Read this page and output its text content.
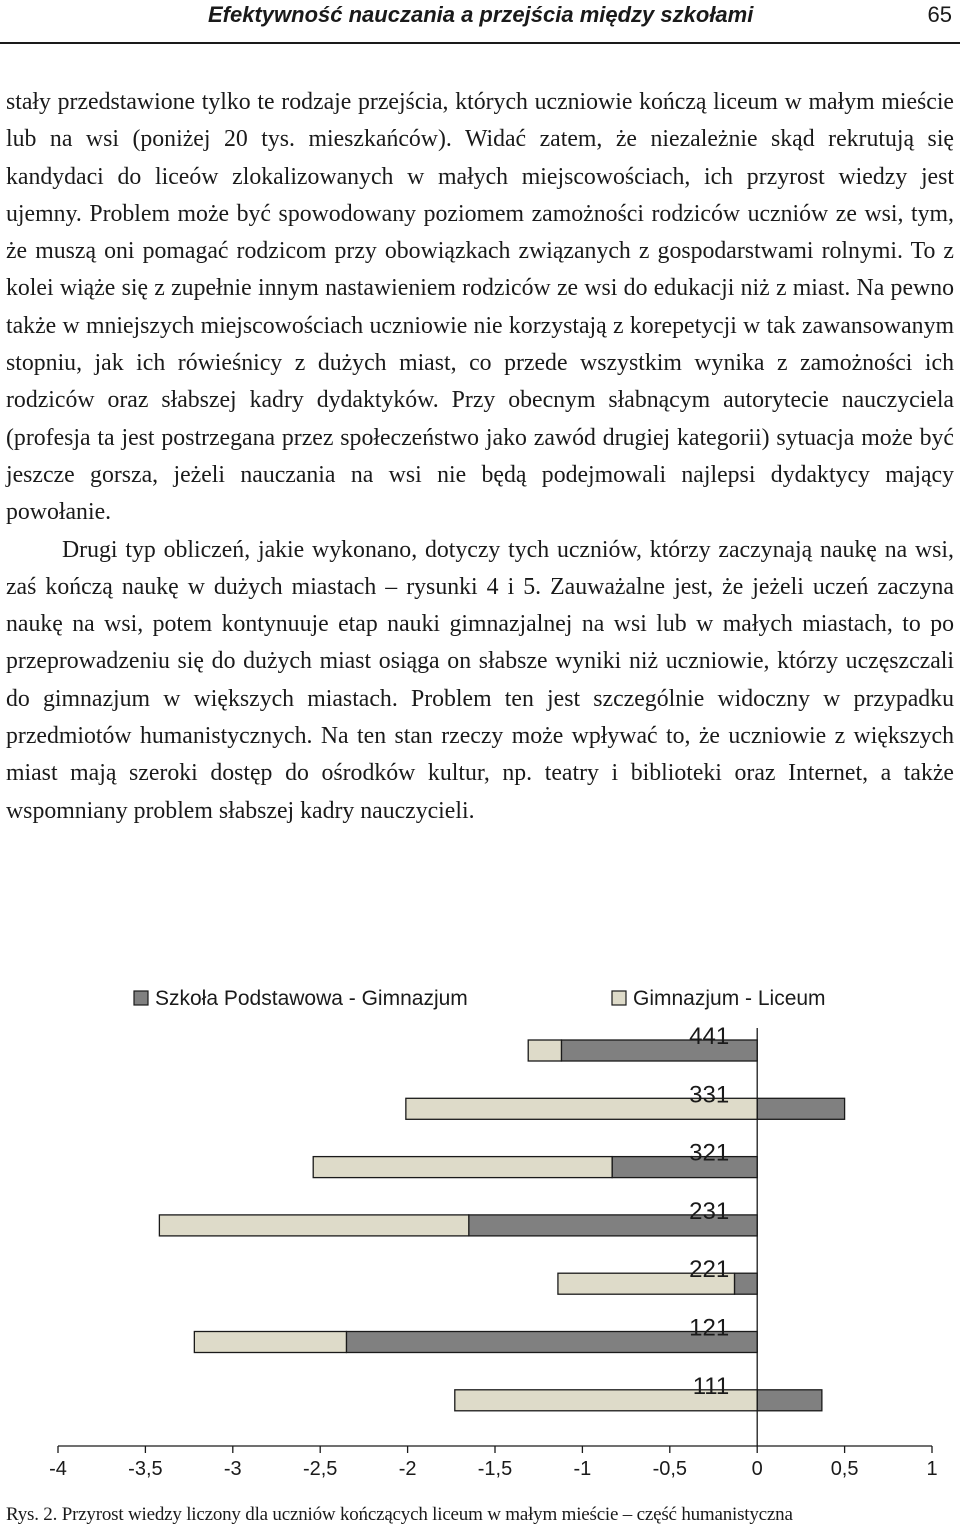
Efektywność nauczania a przejścia między szkołami	65

stały przedstawione tylko te rodzaje przejścia, których uczniowie kończą liceum w małym mieście lub na wsi (poniżej 20 tys. mieszkańców). Widać zatem, że niezależnie skąd rekrutują się kandydaci do liceów zlokalizowanych w małych miejscowościach, ich przyrost wiedzy jest ujemny. Problem może być spowodowany poziomem zamożności rodziców uczniów ze wsi, tym, że muszą oni pomagać rodzicom przy obowiązkach związanych z gospodarstwami rolnymi. To z kolei wiąże się z zupełnie innym nastawieniem rodziców ze wsi do edukacji niż z miast. Na pewno także w mniejszych miejscowościach uczniowie nie korzystają z korepetycji w tak zawansowanym stopniu, jak ich rówieśnicy z dużych miast, co przede wszystkim wynika z zamożności ich rodziców oraz słabszej kadry dydaktyków. Przy obecnym słabnącym autorytecie nauczyciela (profesja ta jest postrzegana przez społeczeństwo jako zawód drugiej kategorii) sytuacja może być jeszcze gorsza, jeżeli nauczania na wsi nie będą podejmowali najlepsi dydaktycy mający powołanie.

Drugi typ obliczeń, jakie wykonano, dotyczy tych uczniów, którzy zaczynają naukę na wsi, zaś kończą naukę w dużych miastach – rysunki 4 i 5. Zauważalne jest, że jeżeli uczeń zaczyna naukę na wsi, potem kontynuuje etap nauki gimnazjalnej na wsi lub w małych miastach, to po przeprowadzeniu się do dużych miast osiąga on słabsze wyniki niż uczniowie, którzy uczęszczali do gimnazjum w większych miastach. Problem ten jest szczególnie widoczny w przypadku przedmiotów humanistycznych. Na ten stan rzeczy może wpływać to, że uczniowie z większych miast mają szeroki dostęp do ośrodków kultur, np. teatry i biblioteki oraz Internet, a także wspomniany problem słabszej kadry nauczycieli.

Szkoła Podstawowa - Gimnazjum	Gimnazjum - Liceum
441
331
321
231
221
121
111
-4	-3,5	-3	-2,5	-2	-1,5	-1	-0,5	0	0,5	1
Rys. 2. Przyrost wiedzy liczony dla uczniów kończących liceum w małym mieście – część humanistyczna
